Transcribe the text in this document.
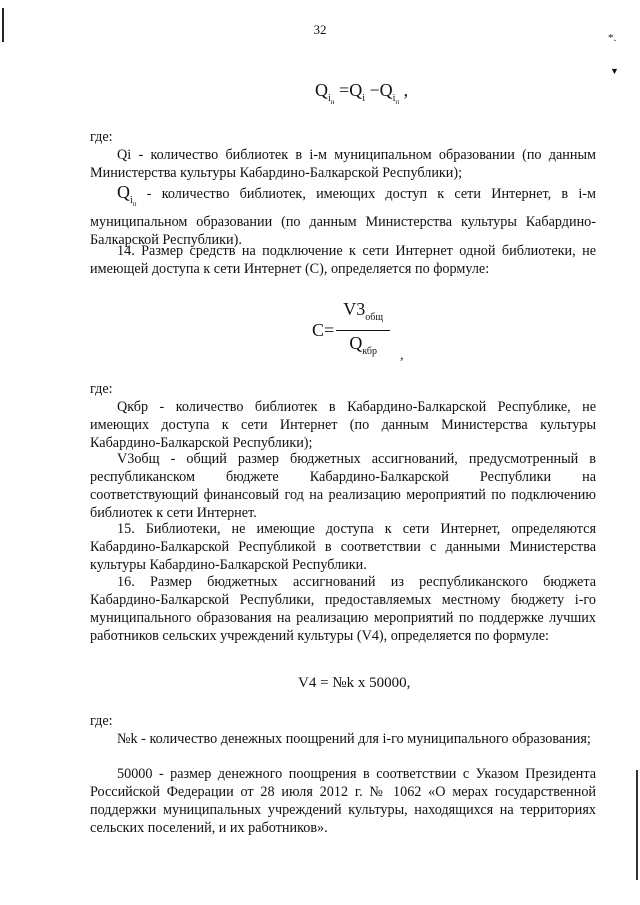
*.
▼
32
$Q_{i_н} =Q_i -Q_{i_п}$ ,
где:
Qi - количество библиотек в i-м муниципальном образовании (по данным Министерства культуры Кабардино-Балкарской Республики);
$Q_{i_п}$ - количество библиотек, имеющих доступ к сети Интернет, в i-м муниципальном образовании (по данным Министерства культуры Кабардино-Балкарской Республики).
14. Размер средств на подключение к сети Интернет одной библиотеки, не имеющей доступа к сети Интернет (С), определяется по формуле:
$C= \frac{V3_{общ}}{Q_{кбр}}$ ,
где:
Qкбр - количество библиотек в Кабардино-Балкарской Республике, не имеющих доступа к сети Интернет (по данным Министерства культуры Кабардино-Балкарской Республики);
V3общ - общий размер бюджетных ассигнований, предусмотренный в республиканском бюджете Кабардино-Балкарской Республики на соответствующий финансовый год на реализацию мероприятий по подключению библиотек к сети Интернет.
15. Библиотеки, не имеющие доступа к сети Интернет, определяются Кабардино-Балкарской Республикой в соответствии с данными Министерства культуры Кабардино-Балкарской Республики.
16. Размер бюджетных ассигнований из республиканского бюджета Кабардино-Балкарской Республики, предоставляемых местному бюджету i-го муниципального образования на реализацию мероприятий по поддержке лучших работников сельских учреждений культуры (V4), определяется по формуле:
V4 = №k x 50000,
где:
№k - количество денежных поощрений для i-го муниципального образования;
50000 - размер денежного поощрения в соответствии с Указом Президента Российской Федерации от 28 июля 2012 г. № 1062 «О мерах государственной поддержки муниципальных учреждений культуры, находящихся на территориях сельских поселений, и их работников».
